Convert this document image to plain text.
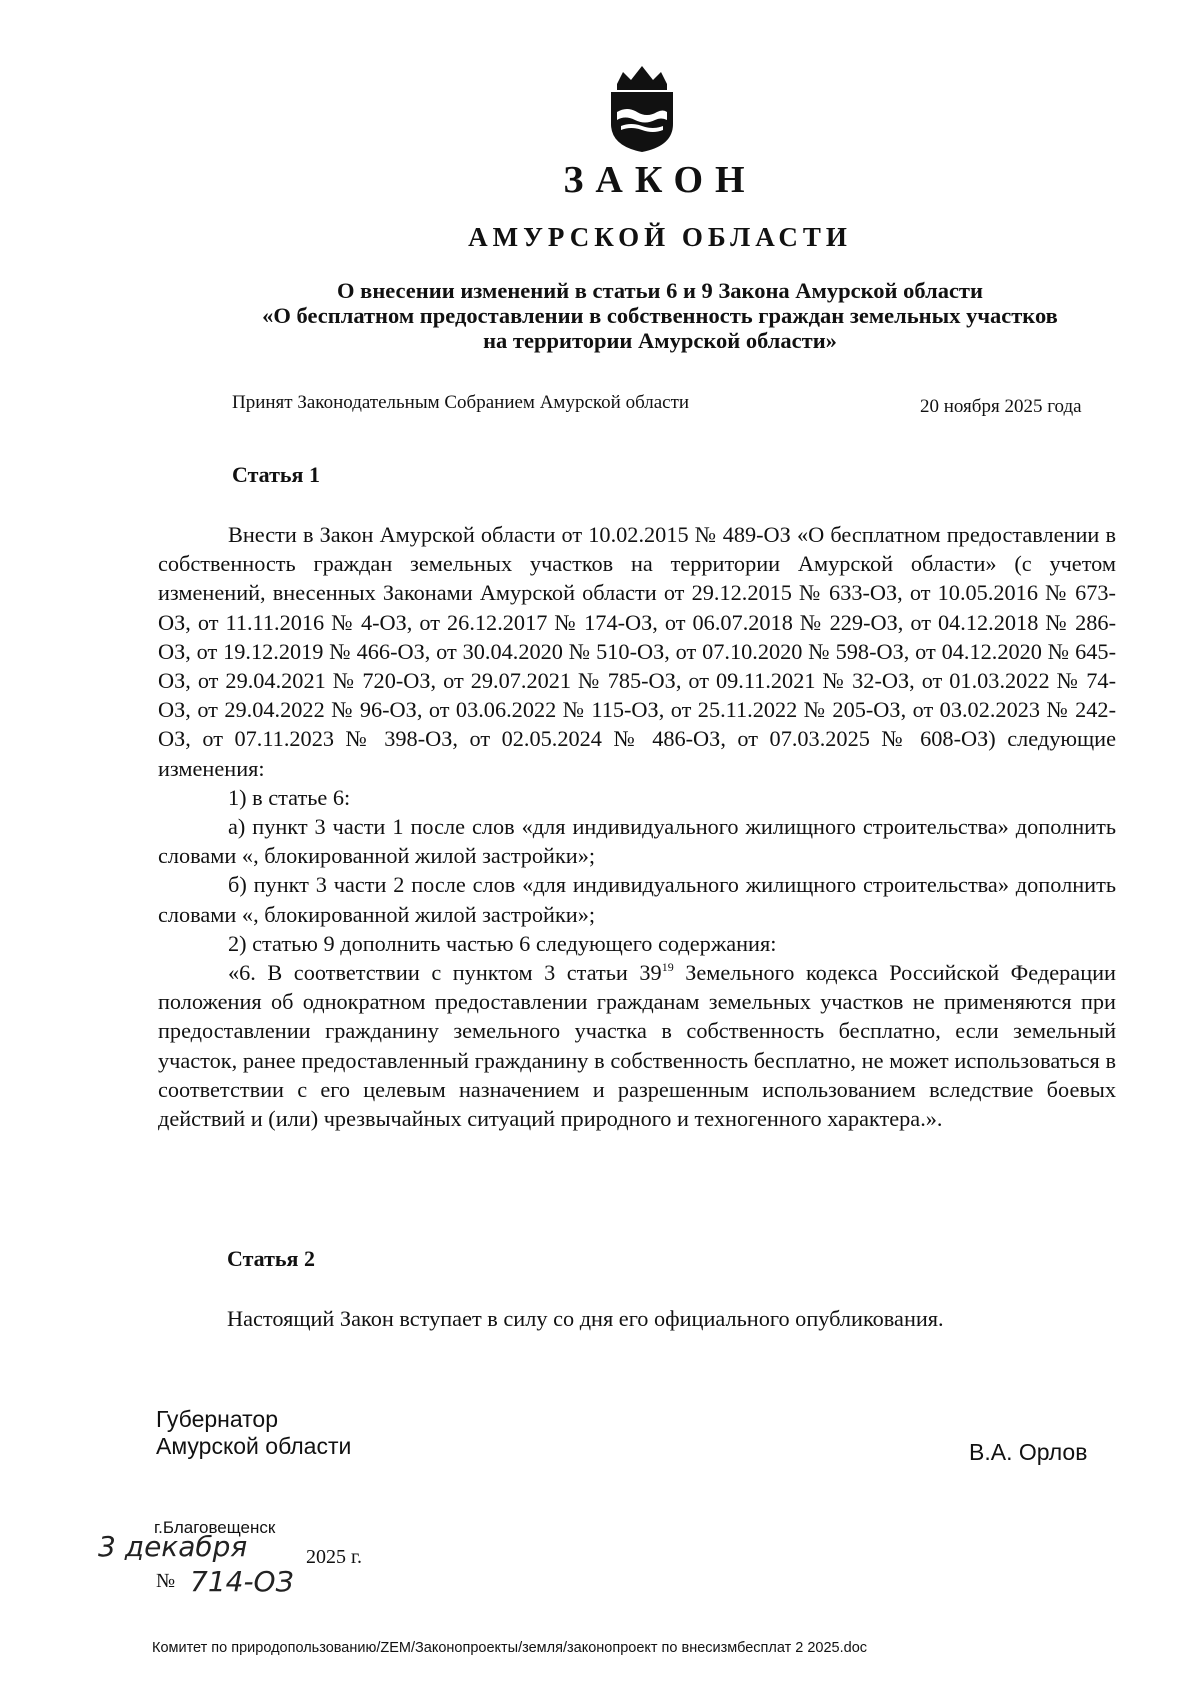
ЗАКОН
АМУРСКОЙ ОБЛАСТИ
О внесении изменений в статьи 6 и 9 Закона Амурской области
«О бесплатном предоставлении в собственность граждан земельных участков
на территории Амурской области»
Принят Законодательным Собранием Амурской области	20 ноября 2025 года
Статья 1

Внести в Закон Амурской области от 10.02.2015 № 489-ОЗ «О бесплатном предоставлении в собственность граждан земельных участков на территории Амурской области» (с учетом изменений, внесенных Законами Амурской области от 29.12.2015 № 633-ОЗ, от 10.05.2016 № 673-ОЗ, от 11.11.2016 № 4-ОЗ, от 26.12.2017 № 174-ОЗ, от 06.07.2018 № 229-ОЗ, от 04.12.2018 № 286-ОЗ, от 19.12.2019 № 466-ОЗ, от 30.04.2020 № 510-ОЗ, от 07.10.2020 № 598-ОЗ, от 04.12.2020 № 645-ОЗ, от 29.04.2021 № 720-ОЗ, от 29.07.2021 № 785-ОЗ, от 09.11.2021 № 32-ОЗ, от 01.03.2022 № 74-ОЗ, от 29.04.2022 № 96-ОЗ, от 03.06.2022 № 115-ОЗ, от 25.11.2022 № 205-ОЗ, от 03.02.2023 № 242-ОЗ, от 07.11.2023 № 398-ОЗ, от 02.05.2024 № 486-ОЗ, от 07.03.2025 № 608-ОЗ) следующие изменения:

1) в статье 6:

а) пункт 3 части 1 после слов «для индивидуального жилищного строительства» дополнить словами «, блокированной жилой застройки»;

б) пункт 3 части 2 после слов «для индивидуального жилищного строительства» дополнить словами «, блокированной жилой застройки»;

2) статью 9 дополнить частью 6 следующего содержания:

«6. В соответствии с пунктом 3 статьи $39^{19}$ Земельного кодекса Российской Федерации положения об однократном предоставлении гражданам земельных участков не применяются при предоставлении гражданину земельного участка в собственность бесплатно, если земельный участок, ранее предоставленный гражданину в собственность бесплатно, не может использоваться в соответствии с его целевым назначением и разрешенным использованием вследствие боевых действий и (или) чрезвычайных ситуаций природного и техногенного характера.».

Статья 2
Настоящий Закон вступает в силу со дня его официального опубликования.
Губернатор
Амурской области	В.А. Орлов
г.Благовещенск
3 декабря	2025 г.
№ 714-ОЗ
Комитет по природопользованию/ZEM/Законопроекты/земля/законопроект по внесизмбесплат 2 2025.doc
